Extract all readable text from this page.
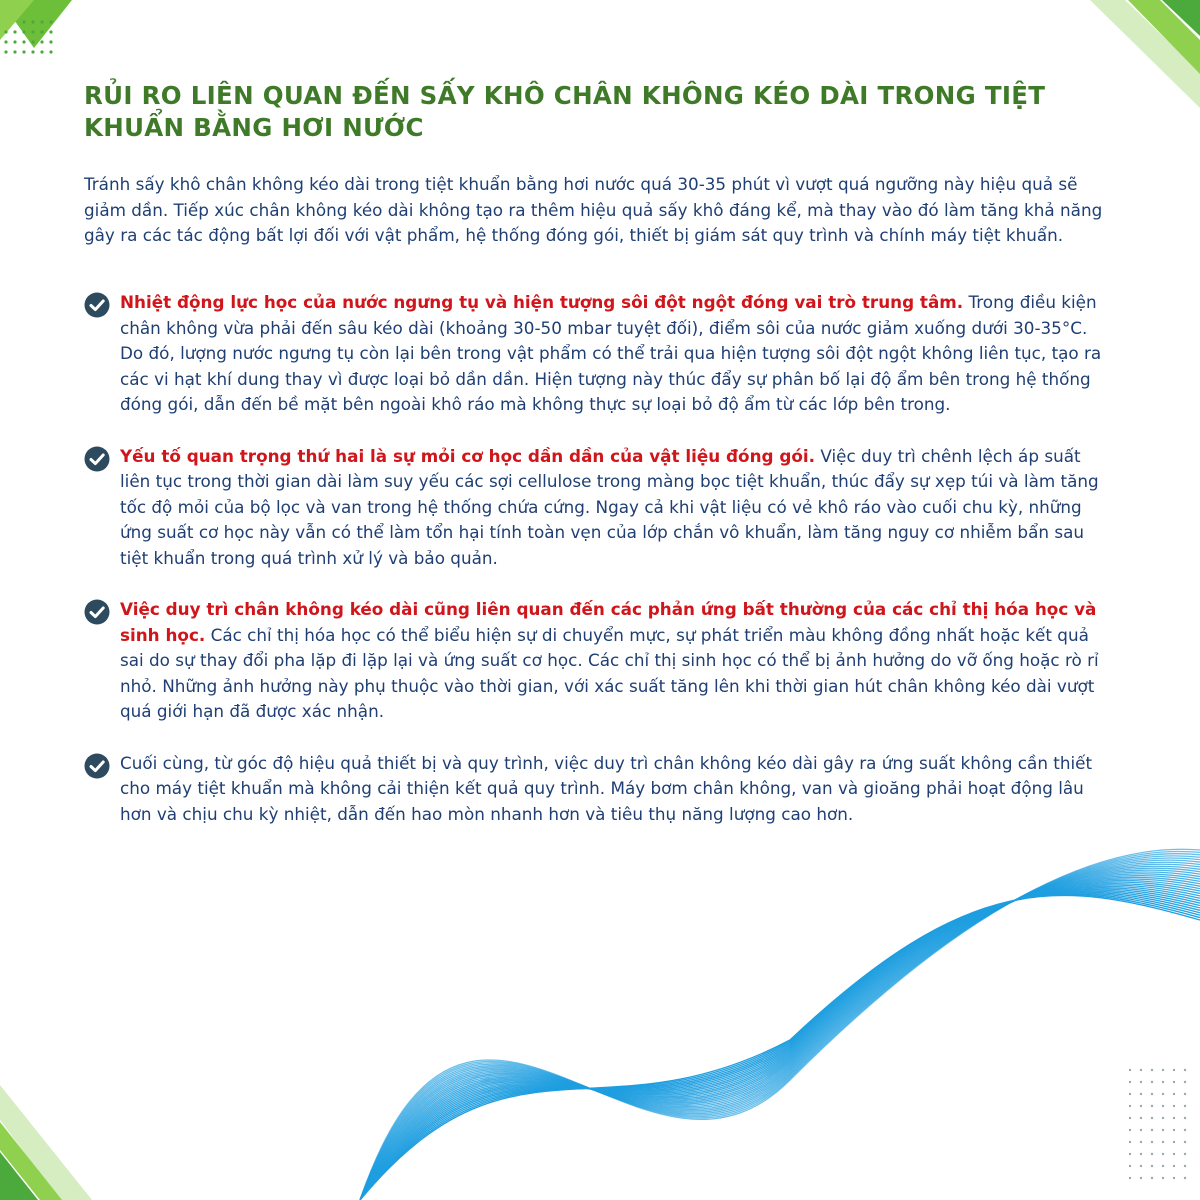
RỦI RO LIÊN QUAN ĐẾN SẤY KHÔ CHÂN KHÔNG KÉO DÀI TRONG TIỆT KHUẨN BẰNG HƠI NƯỚC

Tránh sấy khô chân không kéo dài trong tiệt khuẩn bằng hơi nước quá 30-35 phút vì vượt quá ngưỡng này hiệu quả sẽ giảm dần. Tiếp xúc chân không kéo dài không tạo ra thêm hiệu quả sấy khô đáng kể, mà thay vào đó làm tăng khả năng gây ra các tác động bất lợi đối với vật phẩm, hệ thống đóng gói, thiết bị giám sát quy trình và chính máy tiệt khuẩn.

Nhiệt động lực học của nước ngưng tụ và hiện tượng sôi đột ngột đóng vai trò trung tâm. Trong điều kiện chân không vừa phải đến sâu kéo dài (khoảng 30-50 mbar tuyệt đối), điểm sôi của nước giảm xuống dưới 30-35°C. Do đó, lượng nước ngưng tụ còn lại bên trong vật phẩm có thể trải qua hiện tượng sôi đột ngột không liên tục, tạo ra các vi hạt khí dung thay vì được loại bỏ dần dần. Hiện tượng này thúc đẩy sự phân bố lại độ ẩm bên trong hệ thống đóng gói, dẫn đến bề mặt bên ngoài khô ráo mà không thực sự loại bỏ độ ẩm từ các lớp bên trong.

Yếu tố quan trọng thứ hai là sự mỏi cơ học dần dần của vật liệu đóng gói. Việc duy trì chênh lệch áp suất liên tục trong thời gian dài làm suy yếu các sợi cellulose trong màng bọc tiệt khuẩn, thúc đẩy sự xẹp túi và làm tăng tốc độ mỏi của bộ lọc và van trong hệ thống chứa cứng. Ngay cả khi vật liệu có vẻ khô ráo vào cuối chu kỳ, những ứng suất cơ học này vẫn có thể làm tổn hại tính toàn vẹn của lớp chắn vô khuẩn, làm tăng nguy cơ nhiễm bẩn sau tiệt khuẩn trong quá trình xử lý và bảo quản.

Việc duy trì chân không kéo dài cũng liên quan đến các phản ứng bất thường của các chỉ thị hóa học và sinh học. Các chỉ thị hóa học có thể biểu hiện sự di chuyển mực, sự phát triển màu không đồng nhất hoặc kết quả sai do sự thay đổi pha lặp đi lặp lại và ứng suất cơ học. Các chỉ thị sinh học có thể bị ảnh hưởng do vỡ ống hoặc rò rỉ nhỏ. Những ảnh hưởng này phụ thuộc vào thời gian, với xác suất tăng lên khi thời gian hút chân không kéo dài vượt quá giới hạn đã được xác nhận.

Cuối cùng, từ góc độ hiệu quả thiết bị và quy trình, việc duy trì chân không kéo dài gây ra ứng suất không cần thiết cho máy tiệt khuẩn mà không cải thiện kết quả quy trình. Máy bơm chân không, van và gioăng phải hoạt động lâu hơn và chịu chu kỳ nhiệt, dẫn đến hao mòn nhanh hơn và tiêu thụ năng lượng cao hơn.
